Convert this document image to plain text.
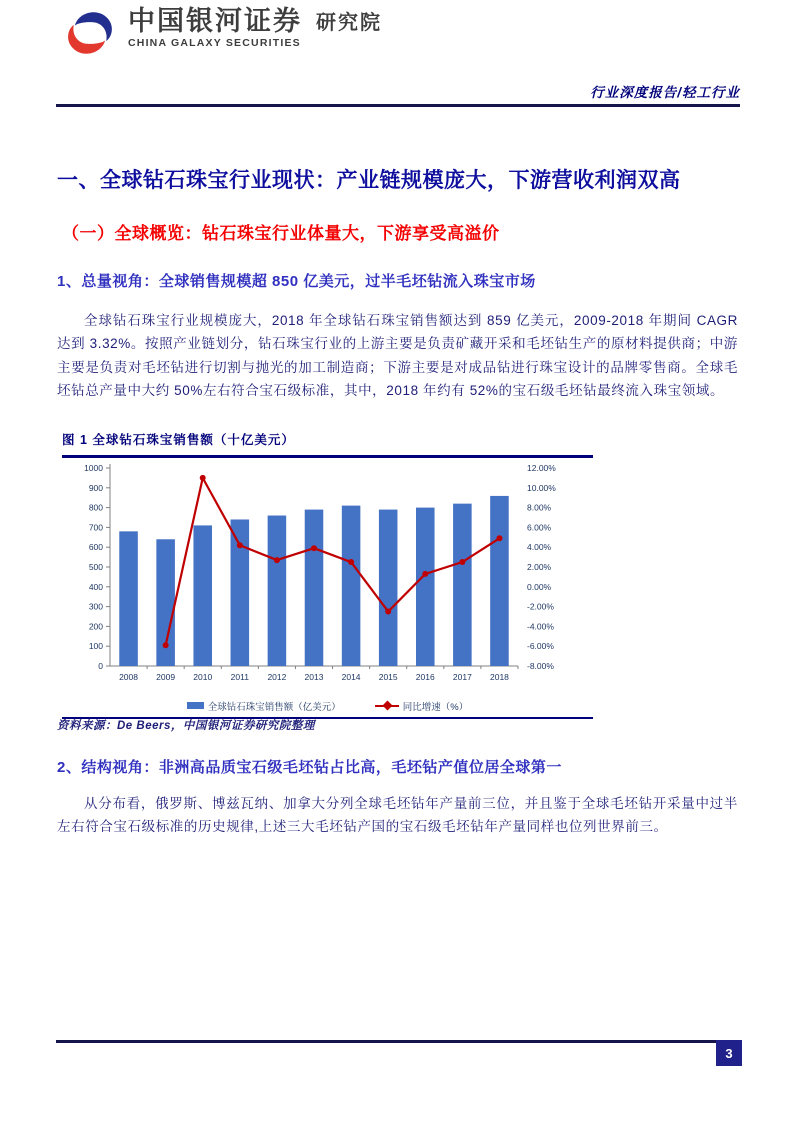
中国银河证券
CHINA GALAXY SECURITIES
研究院
行业深度报告/轻工行业
一、全球钻石珠宝行业现状：产业链规模庞大，下游营收利润双高
（一）全球概览：钻石珠宝行业体量大，下游享受高溢价
1、总量视角：全球销售规模超 850 亿美元，过半毛坯钻流入珠宝市场
全球钻石珠宝行业规模庞大，2018 年全球钻石珠宝销售额达到 859 亿美元，2009-2018 年期间 CAGR 达到 3.32%。按照产业链划分，钻石珠宝行业的上游主要是负责矿藏开采和毛坯钻生产的原材料提供商；中游主要是负责对毛坯钻进行切割与抛光的加工制造商；下游主要是对成品钻进行珠宝设计的品牌零售商。全球毛坯钻总产量中大约 50%左右符合宝石级标准，其中，2018 年约有 52%的宝石级毛坯钻最终流入珠宝领域。
图 1 全球钻石珠宝销售额（十亿美元）
0
100
200
300
400
500
600
700
800
900
1000
-8.00%
-6.00%
-4.00%
-2.00%
0.00%
2.00%
4.00%
6.00%
8.00%
10.00%
12.00%
2008 2009 2010 2011 2012 2013 2014 2015 2016 2017 2018
全球钻石珠宝销售额（亿美元）	同比增速（%）
资料来源：De Beers，中国银河证券研究院整理
2、结构视角：非洲高品质宝石级毛坯钻占比高，毛坯钻产值位居全球第一
从分布看，俄罗斯、博兹瓦纳、加拿大分列全球毛坯钻年产量前三位，并且鉴于全球毛坯钻开采量中过半左右符合宝石级标准的历史规律,上述三大毛坯钻产国的宝石级毛坯钻年产量同样也位列世界前三。
3
